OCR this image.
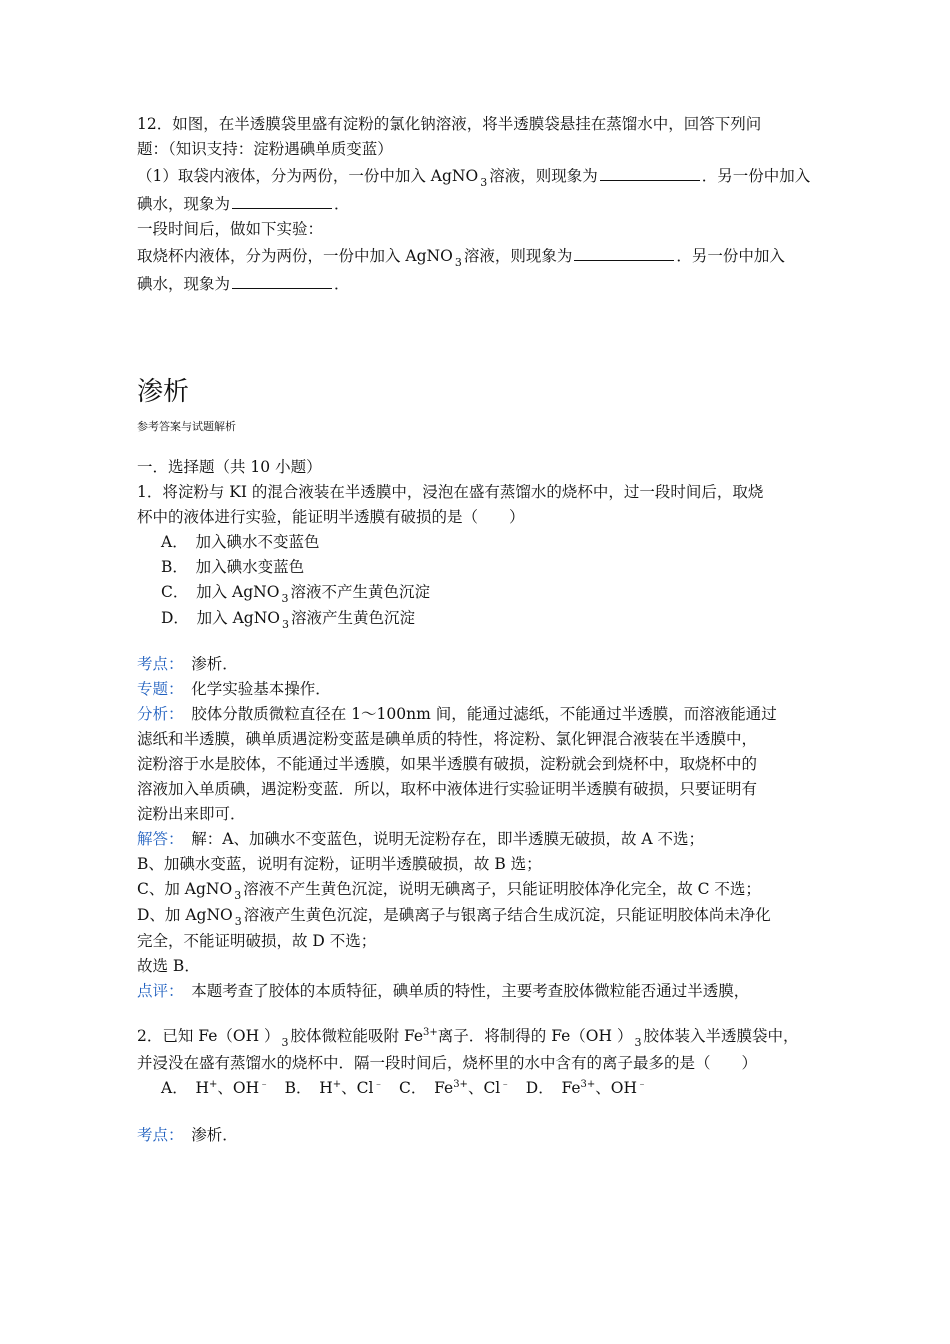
12．如图，在半透膜袋里盛有淀粉的氯化钠溶液，将半透膜袋悬挂在蒸馏水中，回答下列问

题：（知识支持：淀粉遇碘单质变蓝）

（1）取袋内液体，分为两份，一份中加入 AgNO $_3$ 溶液，则现象为	．另一份中加入

碘水，现象为	．

一段时间后，做如下实验：

取烧杯内液体，分为两份，一份中加入 AgNO $_3$ 溶液，则现象为	．另一份中加入

碘水，现象为	．

渗析

参考答案与试题解析

一．选择题（共 10 小题）

1．将淀粉与 KI 的混合液装在半透膜中，浸泡在盛有蒸馏水的烧杯中，过一段时间后，取烧

杯中的液体进行实验，能证明半透膜有破损的是（　　）

A．　加入碘水不变蓝色

B．　加入碘水变蓝色

C．　加入 AgNO $_3$ 溶液不产生黄色沉淀

D．　加入 AgNO $_3$ 溶液产生黄色沉淀

考点：　渗析．

专题：　化学实验基本操作．

分析：　胶体分散质微粒直径在 1～100nm 间，能通过滤纸，不能通过半透膜，而溶液能通过

滤纸和半透膜，碘单质遇淀粉变蓝是碘单质的特性，将淀粉、氯化钾混合液装在半透膜中，

淀粉溶于水是胶体，不能通过半透膜，如果半透膜有破损，淀粉就会到烧杯中，取烧杯中的

溶液加入单质碘，遇淀粉变蓝．所以，取杯中液体进行实验证明半透膜有破损，只要证明有

淀粉出来即可．

解答：　解：A、加碘水不变蓝色，说明无淀粉存在，即半透膜无破损，故 A 不选；

B、加碘水变蓝，说明有淀粉，证明半透膜破损，故 B 选；

C、加 AgNO $_3$ 溶液不产生黄色沉淀，说明无碘离子，只能证明胶体净化完全，故 C 不选；

D、加 AgNO $_3$ 溶液产生黄色沉淀，是碘离子与银离子结合生成沉淀，只能证明胶体尚未净化

完全，不能证明破损，故 D 不选；

故选 B．

点评：　本题考查了胶体的本质特征，碘单质的特性，主要考查胶体微粒能否通过半透膜，

2．已知 Fe（OH ） $_3$ 胶体微粒能吸附 $Fe^{3+}$离子．将制得的 Fe（OH ） $_3$ 胶体装入半透膜袋中，

并浸没在盛有蒸馏水的烧杯中．隔一段时间后，烧杯里的水中含有的离子最多的是（　　）

A．　H+、OH﹣　B．　H+、Cl﹣　C．　$Fe^{3+}$、Cl﹣　D．　$Fe^{3+}$、OH﹣

考点：　渗析．
